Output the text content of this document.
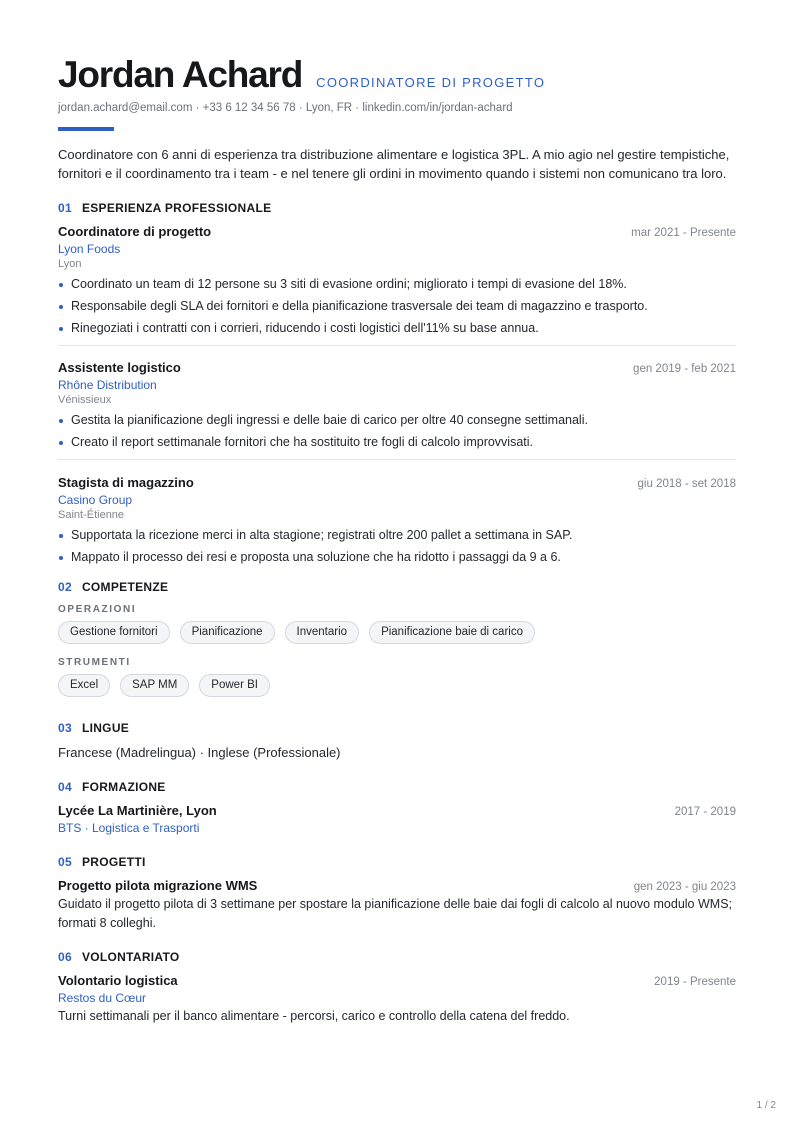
Jordan Achard COORDINATORE DI PROGETTO
jordan.achard@email.com · +33 6 12 34 56 78 · Lyon, FR · linkedin.com/in/jordan-achard
Coordinatore con 6 anni di esperienza tra distribuzione alimentare e logistica 3PL. A mio agio nel gestire tempistiche, fornitori e il coordinamento tra i team - e nel tenere gli ordini in movimento quando i sistemi non comunicano tra loro.
01 ESPERIENZA PROFESSIONALE
Coordinatore di progetto	mar 2021 - Presente
Lyon Foods
Lyon
Coordinato un team di 12 persone su 3 siti di evasione ordini; migliorato i tempi di evasione del 18%.
Responsabile degli SLA dei fornitori e della pianificazione trasversale dei team di magazzino e trasporto.
Rinegoziati i contratti con i corrieri, riducendo i costi logistici dell'11% su base annua.
Assistente logistico	gen 2019 - feb 2021
Rhône Distribution
Vénissieux
Gestita la pianificazione degli ingressi e delle baie di carico per oltre 40 consegne settimanali.
Creato il report settimanale fornitori che ha sostituito tre fogli di calcolo improvvisati.
Stagista di magazzino	giu 2018 - set 2018
Casino Group
Saint-Étienne
Supportata la ricezione merci in alta stagione; registrati oltre 200 pallet a settimana in SAP.
Mappato il processo dei resi e proposta una soluzione che ha ridotto i passaggi da 9 a 6.
02 COMPETENZE
OPERAZIONI
Gestione fornitori	Pianificazione	Inventario	Pianificazione baie di carico
STRUMENTI
Excel	SAP MM	Power BI
03 LINGUE
Francese (Madrelingua) · Inglese (Professionale)
04 FORMAZIONE
Lycée La Martinière, Lyon	2017 - 2019
BTS · Logistica e Trasporti
05 PROGETTI
Progetto pilota migrazione WMS	gen 2023 - giu 2023
Guidato il progetto pilota di 3 settimane per spostare la pianificazione delle baie dai fogli di calcolo al nuovo modulo WMS; formati 8 colleghi.
06 VOLONTARIATO
Volontario logistica	2019 - Presente
Restos du Cœur
Turni settimanali per il banco alimentare - percorsi, carico e controllo della catena del freddo.
1 / 2
